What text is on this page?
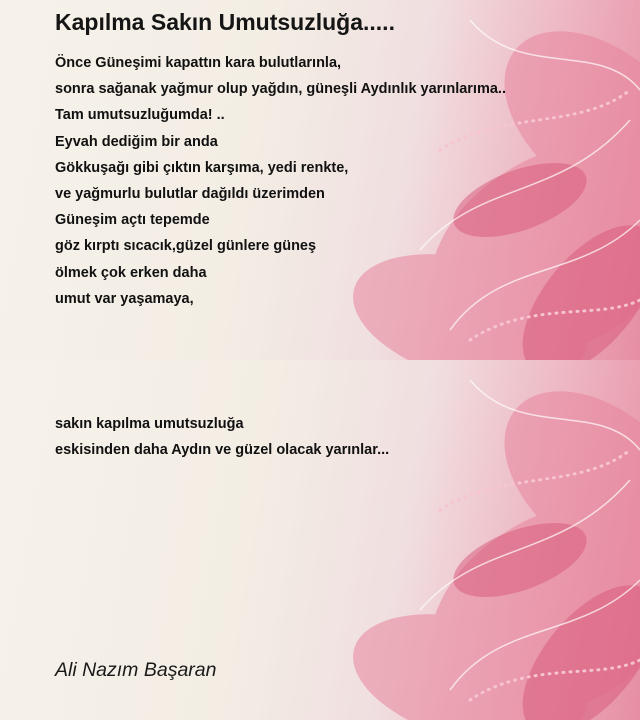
Kapılma Sakın Umutsuzluğa.....
Önce Güneşimi kapattın kara bulutlarınla,
sonra sağanak yağmur olup yağdın, güneşli Aydınlık yarınlarıma..
Tam umutsuzluğumda! ..
Eyvah dediğim bir anda
Gökkuşağı gibi çıktın karşıma, yedi renkte,
ve yağmurlu bulutlar dağıldı üzerimden
Güneşim açtı tepemde
göz kırptı sıcacık,güzel günlere güneş
ölmek çok erken daha
umut var yaşamaya,
sakın kapılma umutsuzluğa
eskisinden daha Aydın ve güzel olacak yarınlar...
Ali Nazım Başaran
